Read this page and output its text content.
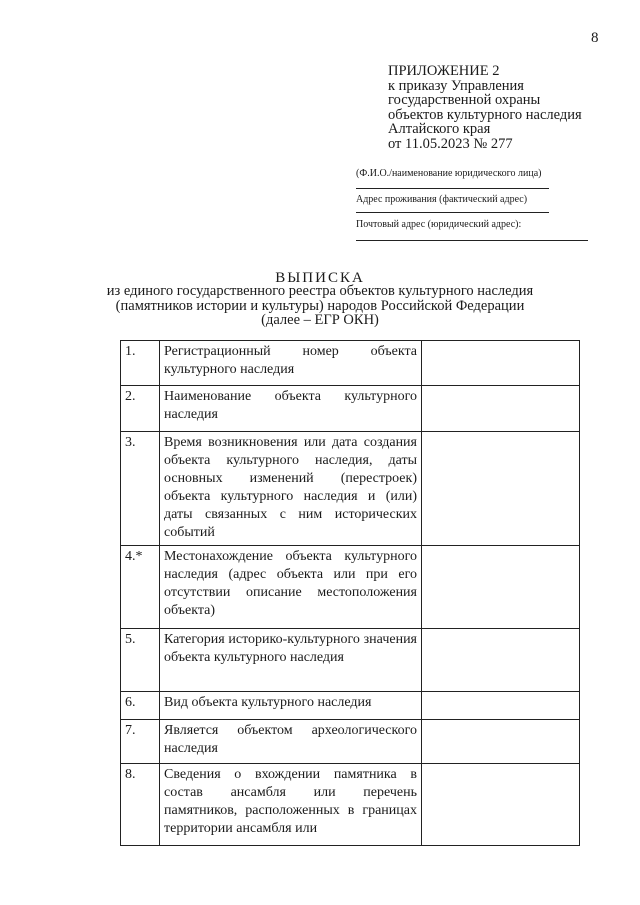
8
ПРИЛОЖЕНИЕ 2
к приказу Управления
государственной охраны
объектов культурного наследия
Алтайского края
от 11.05.2023 № 277
(Ф.И.О./наименование юридического лица)
Адрес проживания (фактический адрес)
Почтовый адрес (юридический адрес):
ВЫПИСКА
из единого государственного реестра объектов культурного наследия
(памятников истории и культуры) народов Российской Федерации
(далее – ЕГР ОКН)
1.	Регистрационный номер объекта культурного наследия	
2.	Наименование объекта культурного наследия	
3.	Время возникновения или дата создания объекта культурного наследия, даты основных изменений (перестроек) объекта культурного наследия и (или) даты связанных с ним исторических событий	
4.*	Местонахождение объекта культурного наследия (адрес объекта или при его отсутствии описание местоположения объекта)	
5.	Категория историко-культурного значения объекта культурного наследия	
6.	Вид объекта культурного наследия	
7.	Является объектом археологического наследия	
8.	Сведения о вхождении памятника в состав ансамбля или перечень памятников, расположенных в границах территории ансамбля или	
